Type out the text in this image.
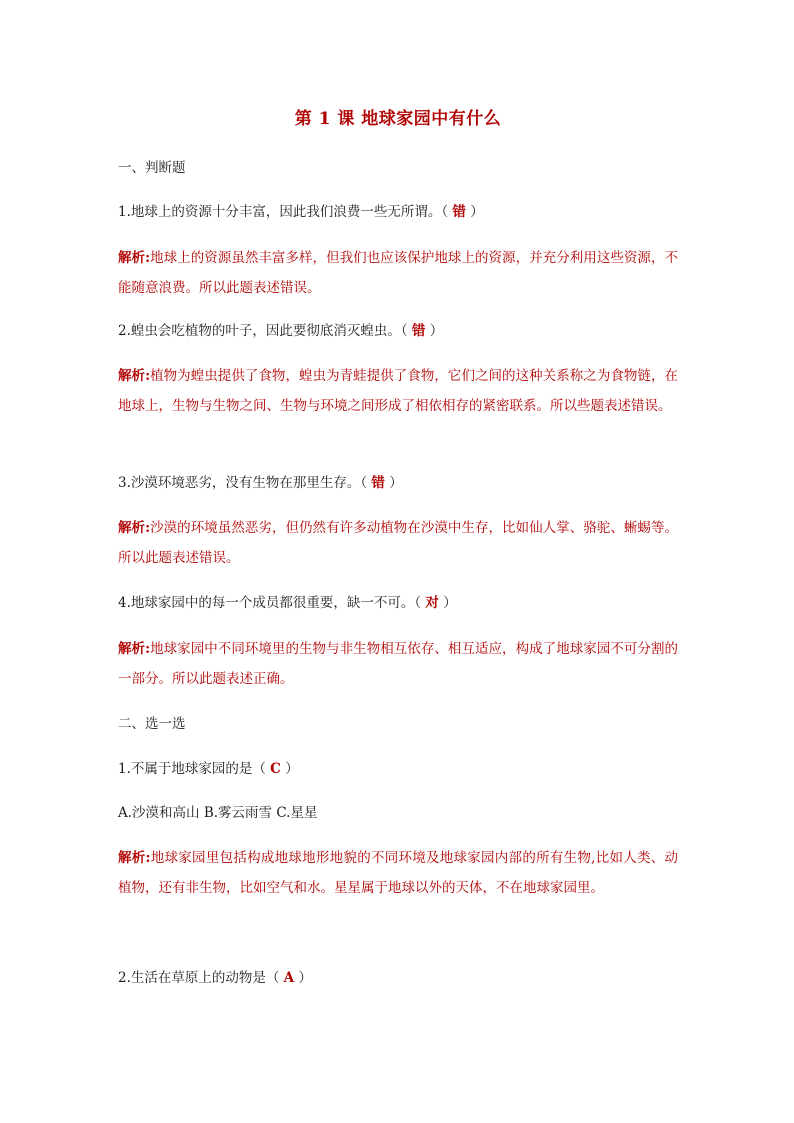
第 1 课 地球家园中有什么
一、判断题
1.地球上的资源十分丰富，因此我们浪费一些无所谓。（ 错 ）
解析:地球上的资源虽然丰富多样，但我们也应该保护地球上的资源，并充分利用这些资源，不能随意浪费。所以此题表述错误。
2.蝗虫会吃植物的叶子，因此要彻底消灭蝗虫。（ 错 ）
解析:植物为蝗虫提供了食物，蝗虫为青蛙提供了食物，它们之间的这种关系称之为食物链，在地球上，生物与生物之间、生物与环境之间形成了相依相存的紧密联系。所以些题表述错误。
3.沙漠环境恶劣，没有生物在那里生存。（ 错 ）
解析:沙漠的环境虽然恶劣，但仍然有许多动植物在沙漠中生存，比如仙人掌、骆驼、蜥蜴等。所以此题表述错误。
4.地球家园中的每一个成员都很重要，缺一不可。（ 对 ）
解析:地球家园中不同环境里的生物与非生物相互依存、相互适应，构成了地球家园不可分割的一部分。所以此题表述正确。
二、选一选
1.不属于地球家园的是（ C ）
A.沙漠和高山 B.雾云雨雪 C.星星
解析:地球家园里包括构成地球地形地貌的不同环境及地球家园内部的所有生物,比如人类、动植物，还有非生物，比如空气和水。星星属于地球以外的天体，不在地球家园里。
2.生活在草原上的动物是（ A ）
